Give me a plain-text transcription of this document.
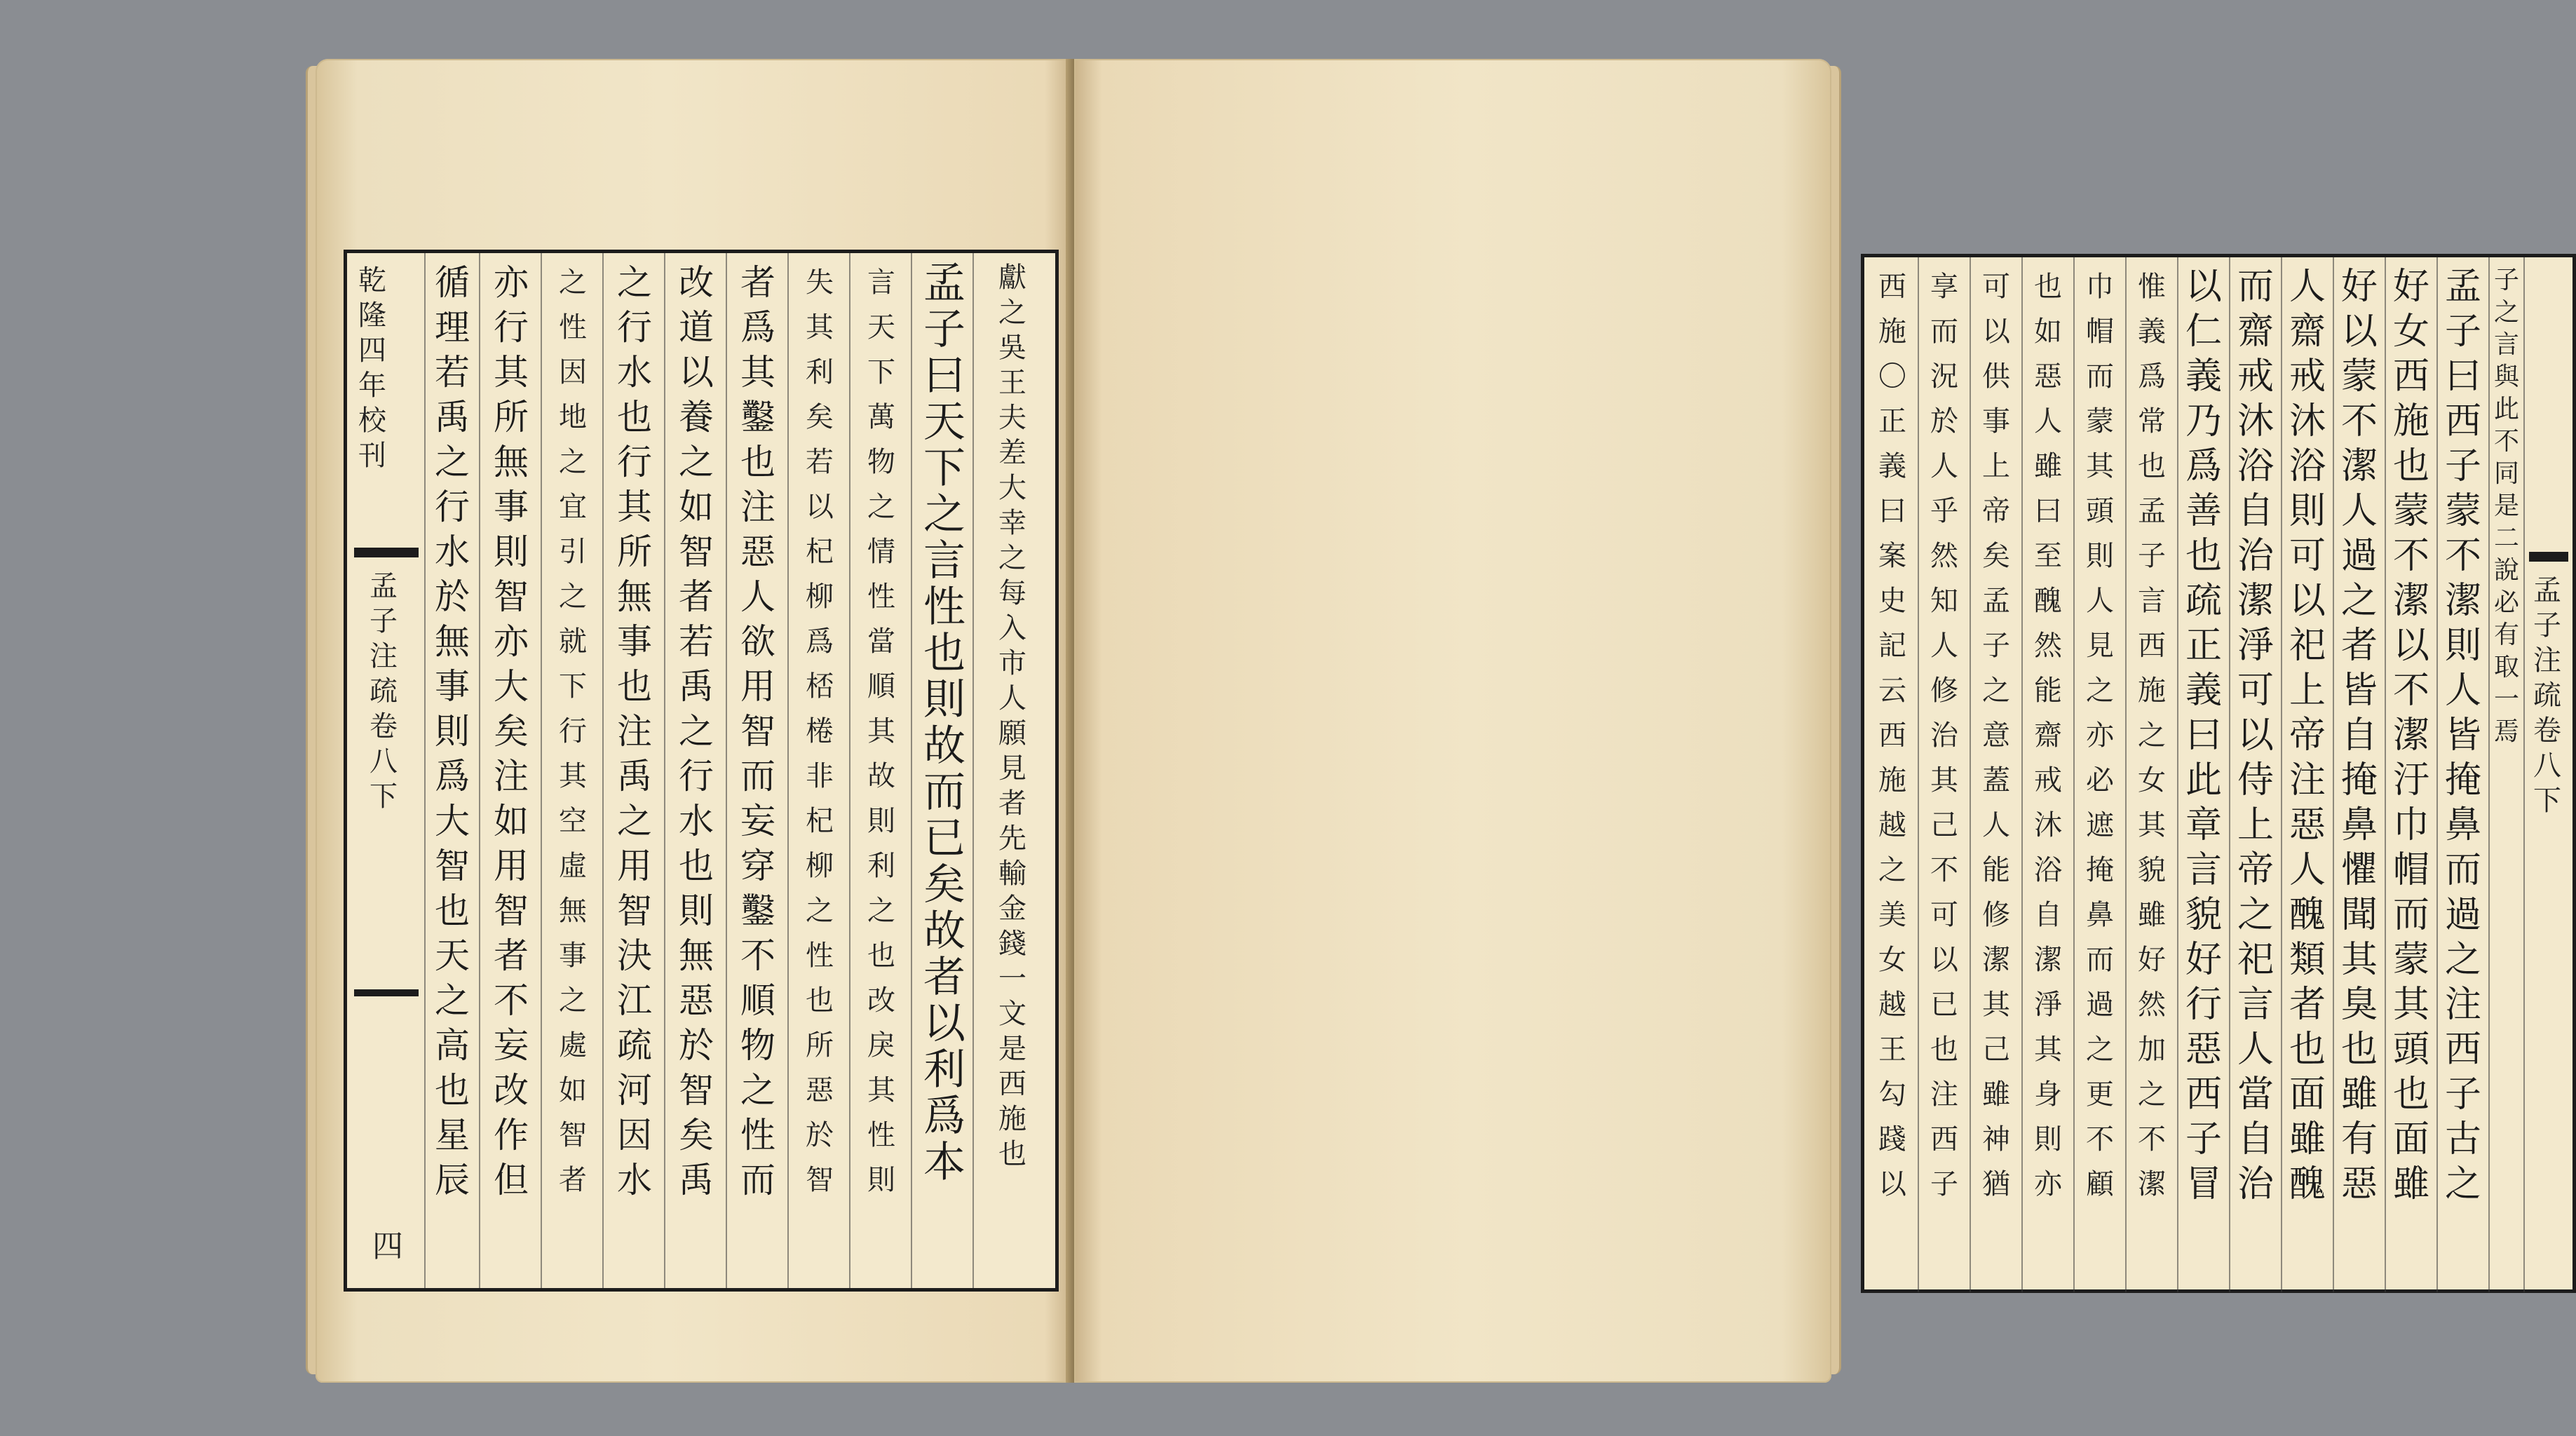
乾隆四年校刊
孟子注疏卷八下
四
獻之吳王夫差大幸之每入市人願見者先輸金錢一文是西施也
孟子曰天下之言性也則故而已矣故者以利爲本
言天下萬物之情性當順其故則利之也改戾其性則
失其利矣若以杞柳爲桮棬非杞柳之性也所惡於智
者爲其鑿也注惡人欲用智而妄穿鑿不順物之性而
改道以養之如智者若禹之行水也則無惡於智矣禹
之行水也行其所無事也注禹之用智決江疏河因水
之性因地之宜引之就下行其空虛無事之處如智者
亦行其所無事則智亦大矣注如用智者不妄改作但
循理若禹之行水於無事則爲大智也天之高也星辰
孟子注疏卷八下
子之言與此不同是二說必有取一焉
孟子曰西子蒙不潔則人皆掩鼻而過之注西子古之
好女西施也蒙不潔以不潔汙巾帽而蒙其頭也面雖
好以蒙不潔人過之者皆自掩鼻懼聞其臭也雖有惡
人齋戒沐浴則可以祀上帝注惡人醜類者也面雖醜
而齋戒沐浴自治潔淨可以侍上帝之祀言人當自治
以仁義乃爲善也疏正義曰此章言貌好行惡西子冒
惟義爲常也孟子言西施之女其貌雖好然加之不潔
巾帽而蒙其頭則人見之亦必遮掩鼻而過之更不顧
也如惡人雖曰至醜然能齋戒沐浴自潔淨其身則亦
可以供事上帝矣孟子之意蓋人能修潔其己雖神猶
享而況於人乎然知人修治其己不可以已也注西子
西施〇正義曰案史記云西施越之美女越王勾踐以
